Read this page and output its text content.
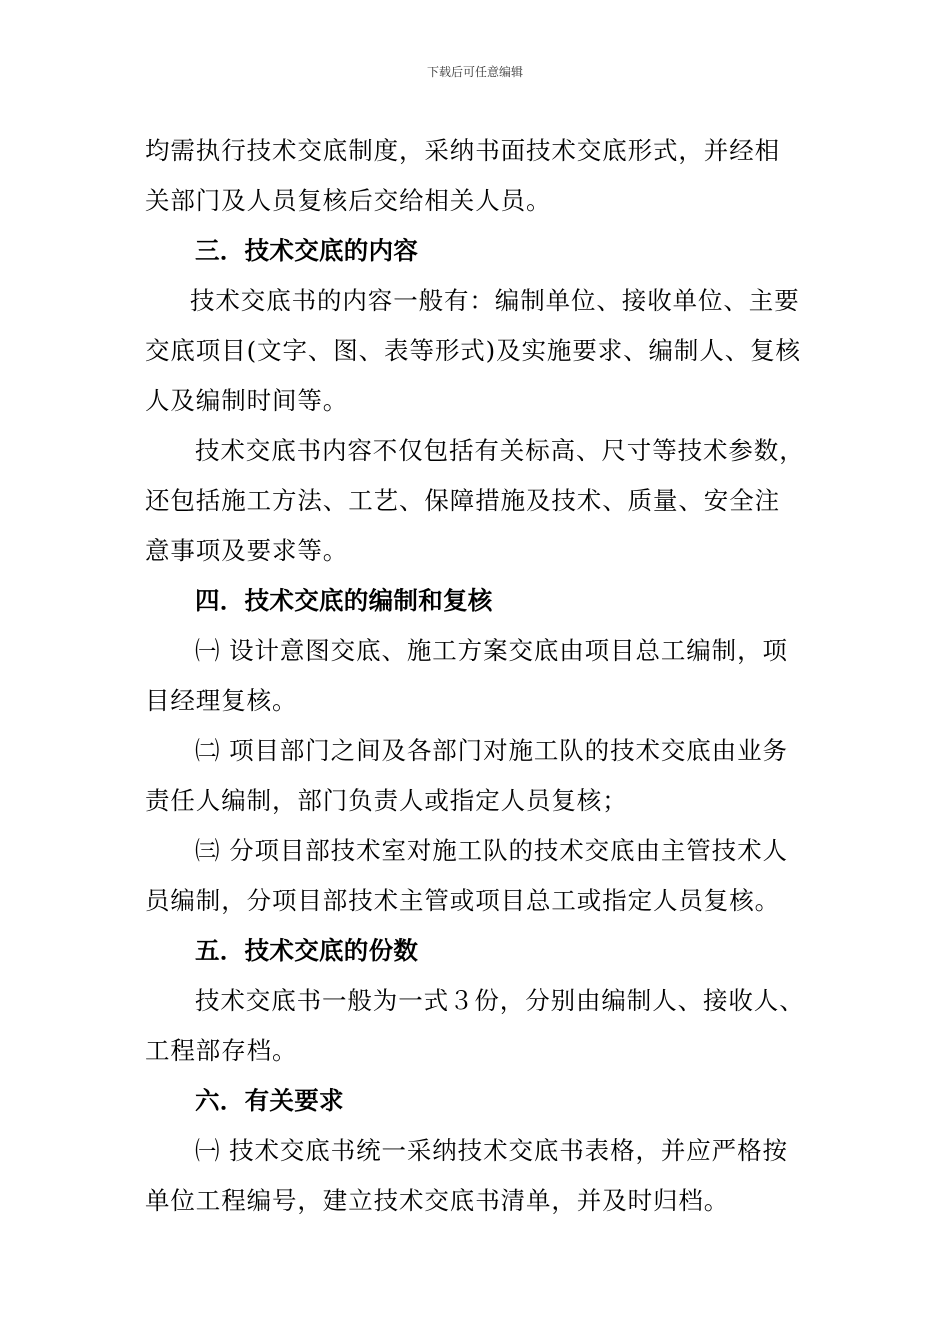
下载后可任意编辑

均需执行技术交底制度，采纳书面技术交底形式，并经相

关部门及人员复核后交给相关人员。

三．技术交底的内容

技术交底书的内容一般有：编制单位、接收单位、主要

交底项目(文字、图、表等形式)及实施要求、编制人、复核

人及编制时间等。

技术交底书内容不仅包括有关标高、尺寸等技术参数，

还包括施工方法、工艺、保障措施及技术、质量、安全注

意事项及要求等。

四．技术交底的编制和复核

㈠ 设计意图交底、施工方案交底由项目总工编制，项

目经理复核。

㈡ 项目部门之间及各部门对施工队的技术交底由业务

责任人编制，部门负责人或指定人员复核；

㈢ 分项目部技术室对施工队的技术交底由主管技术人

员编制，分项目部技术主管或项目总工或指定人员复核。

五．技术交底的份数

技术交底书一般为一式３份，分别由编制人、接收人、

工程部存档。

六．有关要求

㈠ 技术交底书统一采纳技术交底书表格，并应严格按

单位工程编号，建立技术交底书清单，并及时归档。
